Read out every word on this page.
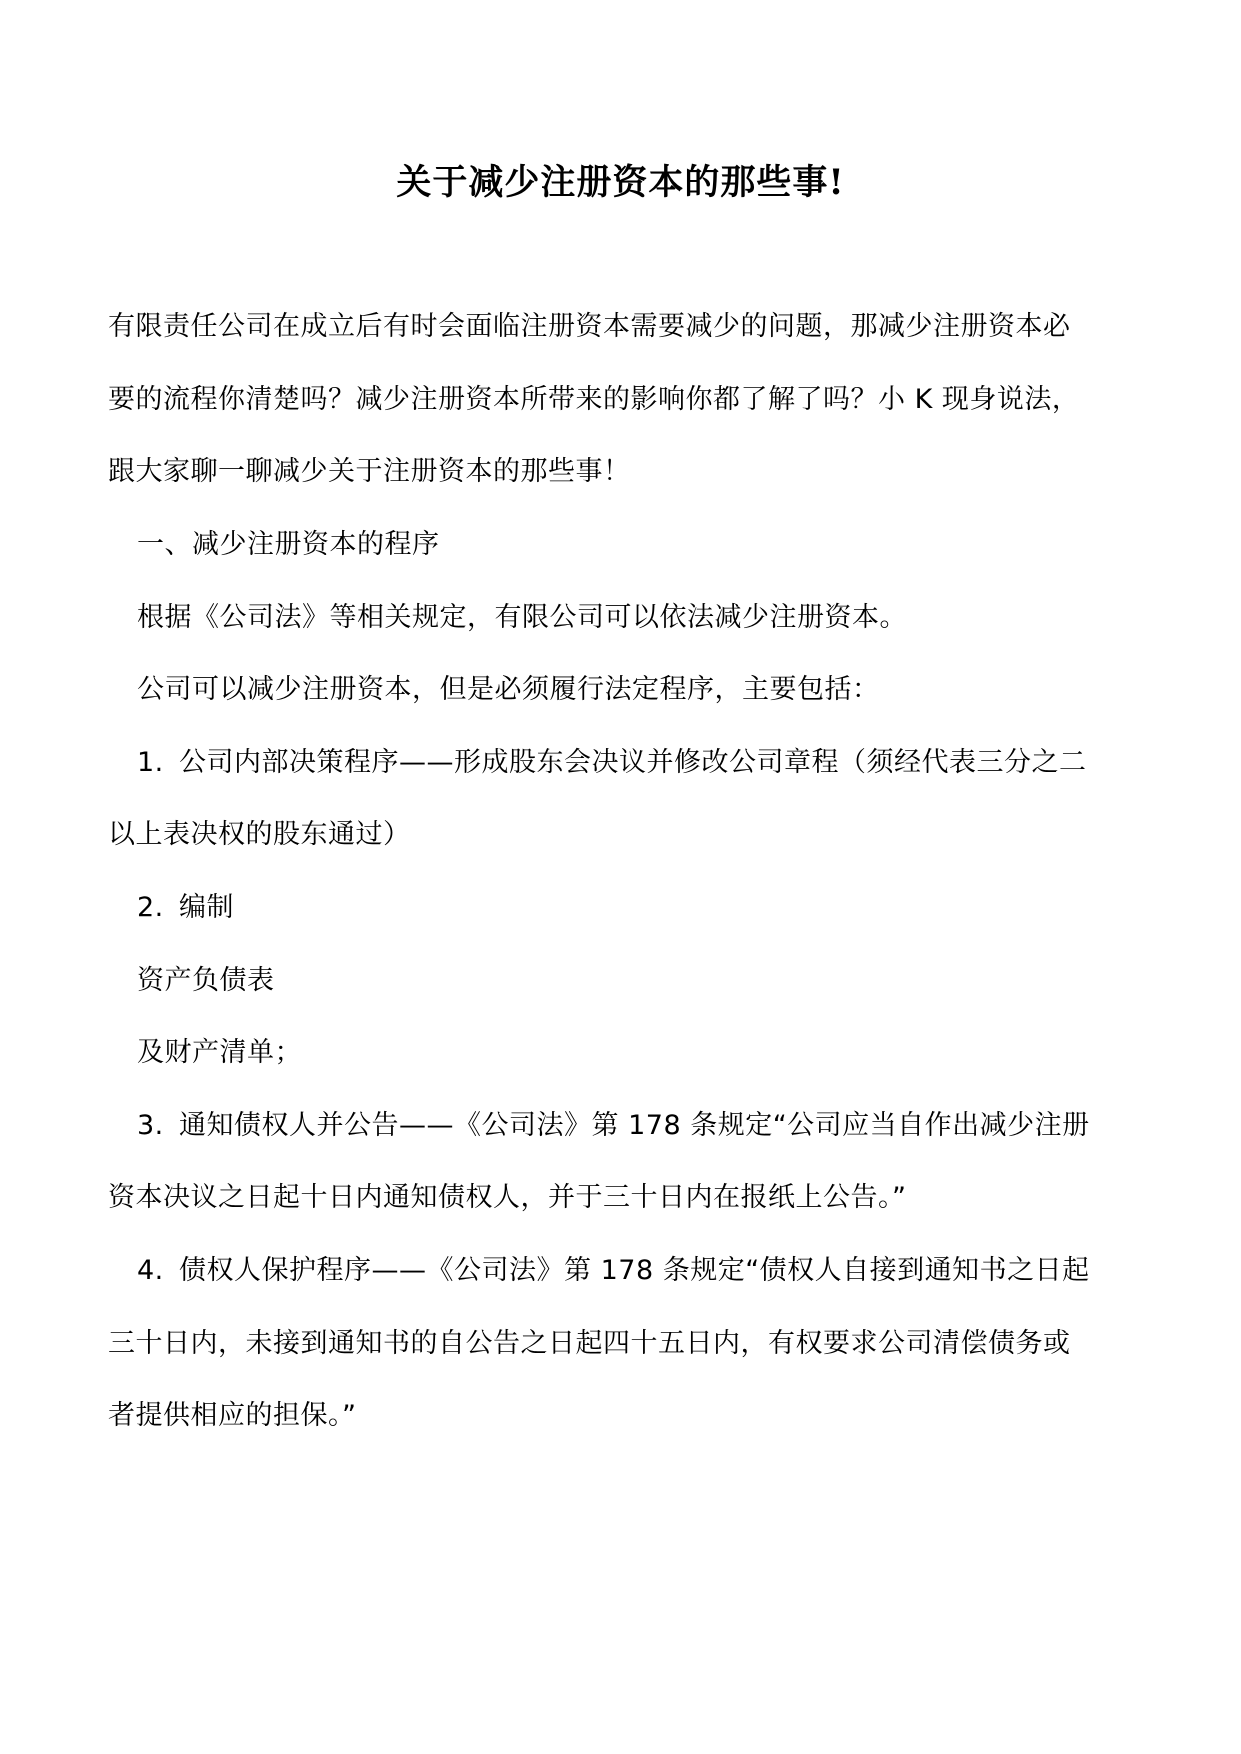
关于减少注册资本的那些事!
有限责任公司在成立后有时会面临注册资本需要减少的问题，那减少注册资本必
要的流程你清楚吗？减少注册资本所带来的影响你都了解了吗？小 K 现身说法，
跟大家聊一聊减少关于注册资本的那些事！
一、减少注册资本的程序
根据《公司法》等相关规定，有限公司可以依法减少注册资本。
公司可以减少注册资本，但是必须履行法定程序，主要包括：
1. 公司内部决策程序——形成股东会决议并修改公司章程（须经代表三分之二
以上表决权的股东通过）
2. 编制
资产负债表
及财产清单；
3. 通知债权人并公告——《公司法》第 178 条规定“公司应当自作出减少注册
资本决议之日起十日内通知债权人，并于三十日内在报纸上公告。”
4. 债权人保护程序——《公司法》第 178 条规定“债权人自接到通知书之日起
三十日内，未接到通知书的自公告之日起四十五日内，有权要求公司清偿债务或
者提供相应的担保。”
